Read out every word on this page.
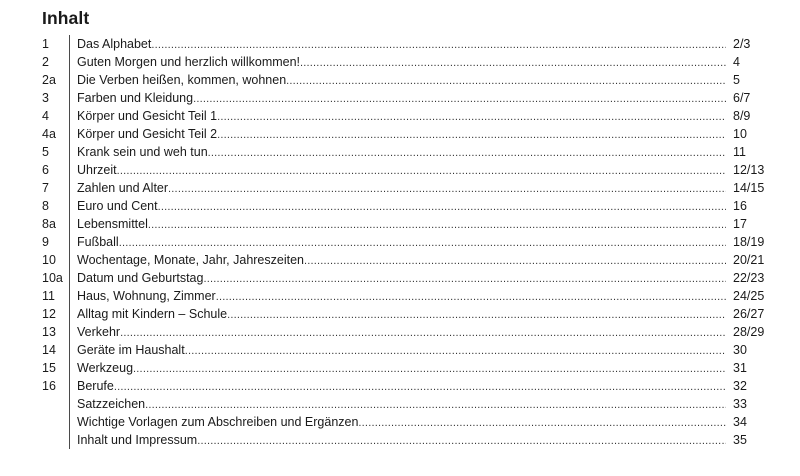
Inhalt
1	Das Alphabet .....	2/3
2	Guten Morgen und herzlich willkommen! .....	4
2a	Die Verben heißen, kommen, wohnen .....	5
3	Farben und Kleidung .....	6/7
4	Körper und Gesicht Teil 1 .....	8/9
4a	Körper und Gesicht Teil 2 .....	10
5	Krank sein und weh tun .....	11
6	Uhrzeit .....	12/13
7	Zahlen und Alter .....	14/15
8	Euro und Cent .....	16
8a	Lebensmittel .....	17
9	Fußball .....	18/19
10	Wochentage, Monate, Jahr, Jahreszeiten .....	20/21
10a	Datum und Geburtstag .....	22/23
11	Haus, Wohnung, Zimmer .....	24/25
12	Alltag mit Kindern – Schule .....	26/27
13	Verkehr .....	28/29
14	Geräte im Haushalt .....	30
15	Werkzeug .....	31
16	Berufe .....	32
Satzzeichen .....	33
Wichtige Vorlagen zum Abschreiben und Ergänzen .....	34
Inhalt und Impressum .....	35
